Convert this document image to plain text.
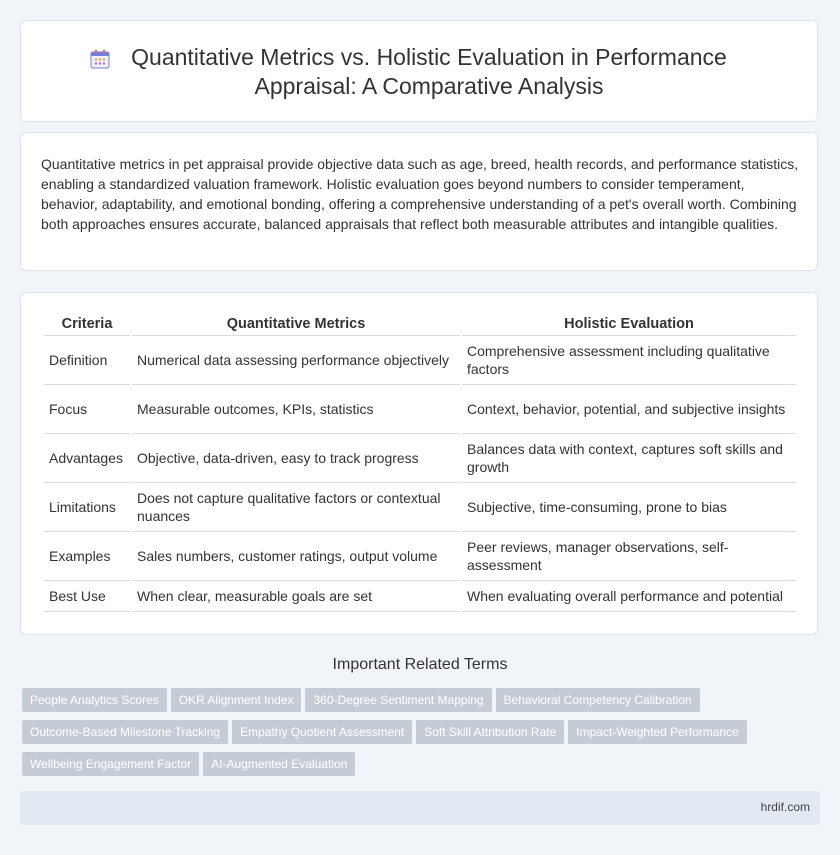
Quantitative Metrics vs. Holistic Evaluation in Performance Appraisal: A Comparative Analysis

Quantitative metrics in pet appraisal provide objective data such as age, breed, health records, and performance statistics, enabling a standardized valuation framework. Holistic evaluation goes beyond numbers to consider temperament, behavior, adaptability, and emotional bonding, offering a comprehensive understanding of a pet's overall worth. Combining both approaches ensures accurate, balanced appraisals that reflect both measurable attributes and intangible qualities.

Criteria	Quantitative Metrics	Holistic Evaluation
Definition	Numerical data assessing performance objectively	Comprehensive assessment including qualitative factors
Focus	Measurable outcomes, KPIs, statistics	Context, behavior, potential, and subjective insights
Advantages	Objective, data-driven, easy to track progress	Balances data with context, captures soft skills and growth
Limitations	Does not capture qualitative factors or contextual nuances	Subjective, time-consuming, prone to bias
Examples	Sales numbers, customer ratings, output volume	Peer reviews, manager observations, self-assessment
Best Use	When clear, measurable goals are set	When evaluating overall performance and potential
Important Related Terms
People Analytics Scores OKR Alignment Index 360-Degree Sentiment Mapping Behavioral Competency Calibration
Outcome-Based Milestone Tracking Empathy Quotient Assessment Soft Skill Attribution Rate Impact-Weighted Performance
Wellbeing Engagement Factor AI-Augmented Evaluation
hrdif.com
